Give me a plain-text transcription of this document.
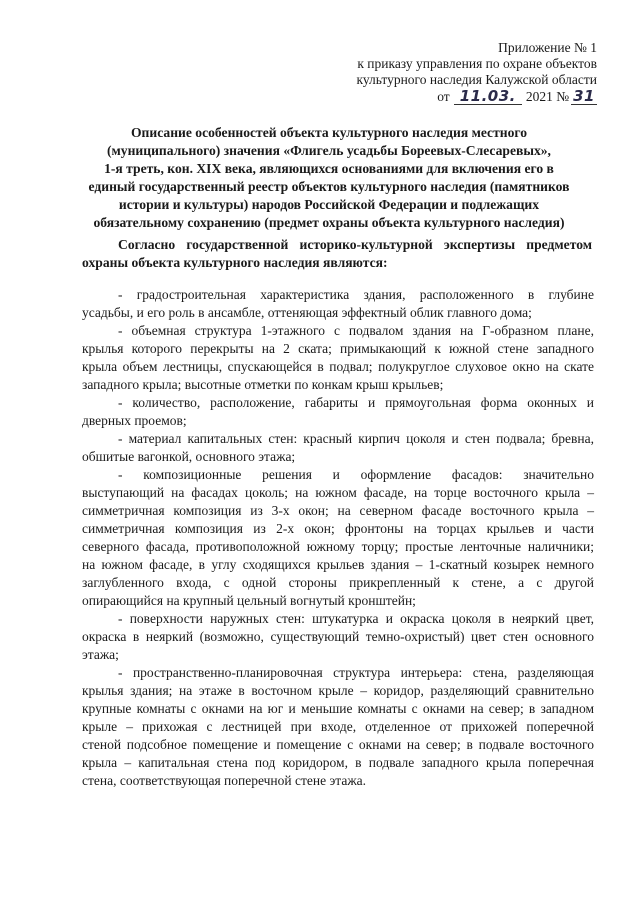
Приложение № 1
к приказу управления по охране объектов
культурного наследия Калужской области
от 11.03. 2021 № 31
Описание особенностей объекта культурного наследия местного
(муниципального) значения «Флигель усадьбы Бореевых-Слесаревых»,
1-я треть, кон. XIX века, являющихся основаниями для включения его в
единый государственный реестр объектов культурного наследия (памятников
истории и культуры) народов Российской Федерации и подлежащих
обязательному сохранению (предмет охраны объекта культурного наследия)
Согласно государственной историко-культурной экспертизы предметом
охраны объекта культурного наследия являются:
- градостроительная характеристика здания, расположенного в глубине
усадьбы, и его роль в ансамбле, оттеняющая эффектный облик главного дома;
- объемная структура 1-этажного с подвалом здания на Г-образном плане,
крылья которого перекрыты на 2 ската; примыкающий к южной стене западного
крыла объем лестницы, спускающейся в подвал; полукруглое слуховое окно на скате
западного крыла; высотные отметки по конкам крыш крыльев;
- количество, расположение, габариты и прямоугольная форма оконных и
дверных проемов;
- материал капитальных стен: красный кирпич цоколя и стен подвала; бревна,
обшитые вагонкой, основного этажа;
- композиционные решения и оформление фасадов: значительно
выступающий на фасадах цоколь; на южном фасаде, на торце восточного крыла –
симметричная композиция из 3-х окон; на северном фасаде восточного крыла –
симметричная композиция из 2-х окон; фронтоны на торцах крыльев и части
северного фасада, противоположной южному торцу; простые ленточные наличники;
на южном фасаде, в углу сходящихся крыльев здания – 1-скатный козырек немного
заглубленного входа, с одной стороны прикрепленный к стене, а с другой
опирающийся на крупный цельный вогнутый кронштейн;
- поверхности наружных стен: штукатурка и окраска цоколя в неяркий цвет,
окраска в неяркий (возможно, существующий темно-охристый) цвет стен основного
этажа;
- пространственно-планировочная структура интерьера: стена, разделяющая
крылья здания; на этаже в восточном крыле – коридор, разделяющий сравнительно
крупные комнаты с окнами на юг и меньшие комнаты с окнами на север; в западном
крыле – прихожая с лестницей при входе, отделенное от прихожей поперечной
стеной подсобное помещение и помещение с окнами на север; в подвале восточного
крыла – капитальная стена под коридором, в подвале западного крыла поперечная
стена, соответствующая поперечной стене этажа.
